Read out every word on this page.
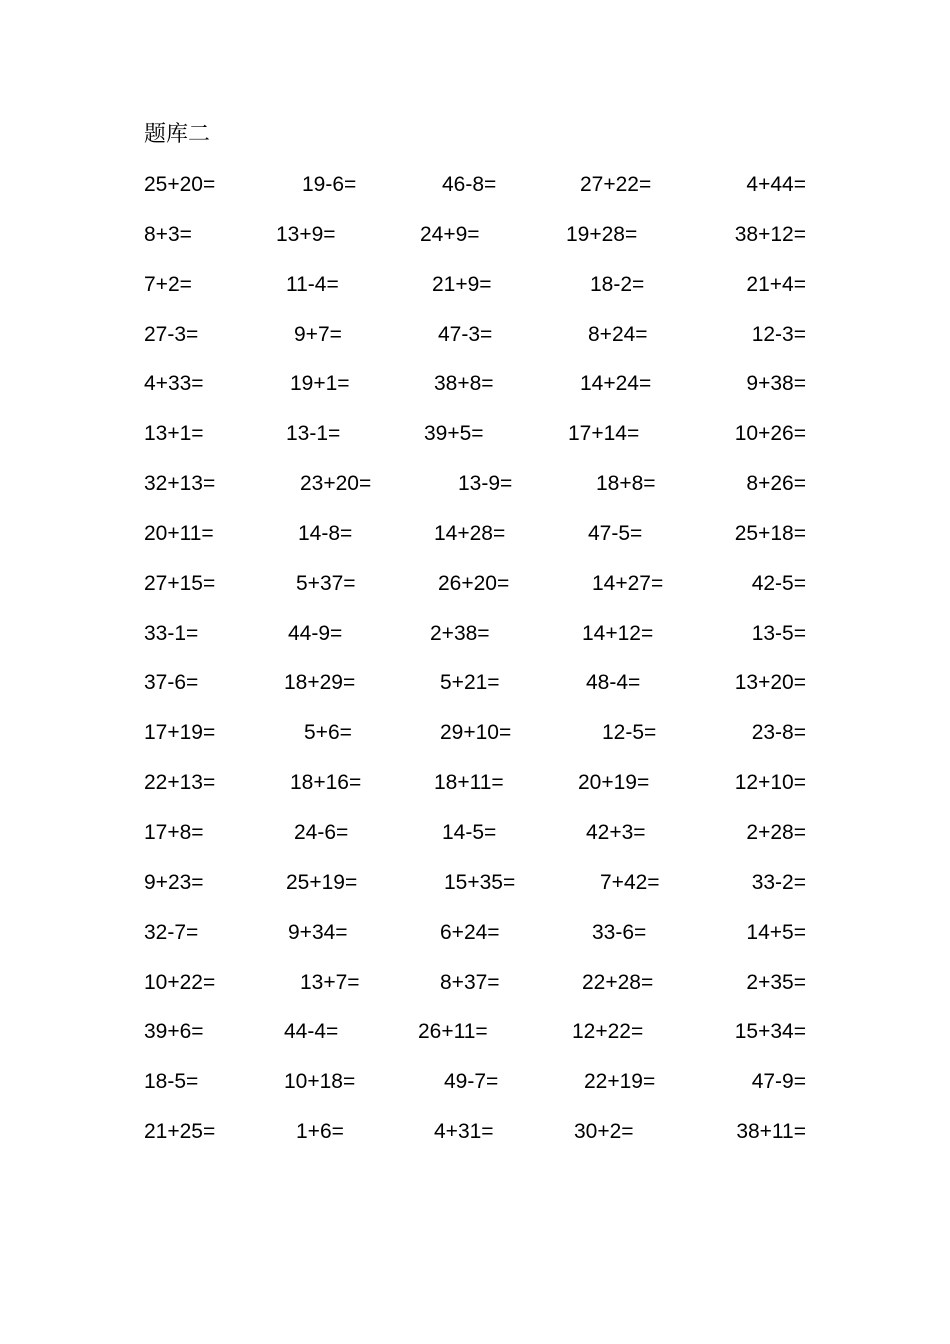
题库二
25+20=	19-6=	46-8=	27+22=	4+44=
8+3=	13+9=	24+9=	19+28=	38+12=
7+2=	11-4=	21+9=	18-2=	21+4=
27-3=	9+7=	47-3=	8+24=	12-3=
4+33=	19+1=	38+8=	14+24=	9+38=
13+1=	13-1=	39+5=	17+14=	10+26=
32+13=	23+20=	13-9=	18+8=	8+26=
20+11=	14-8=	14+28=	47-5=	25+18=
27+15=	5+37=	26+20=	14+27=	42-5=
33-1=	44-9=	2+38=	14+12=	13-5=
37-6=	18+29=	5+21=	48-4=	13+20=
17+19=	5+6=	29+10=	12-5=	23-8=
22+13=	18+16=	18+11=	20+19=	12+10=
17+8=	24-6=	14-5=	42+3=	2+28=
9+23=	25+19=	15+35=	7+42=	33-2=
32-7=	9+34=	6+24=	33-6=	14+5=
10+22=	13+7=	8+37=	22+28=	2+35=
39+6=	44-4=	26+11=	12+22=	15+34=
18-5=	10+18=	49-7=	22+19=	47-9=
21+25=	1+6=	4+31=	30+2=	38+11=
